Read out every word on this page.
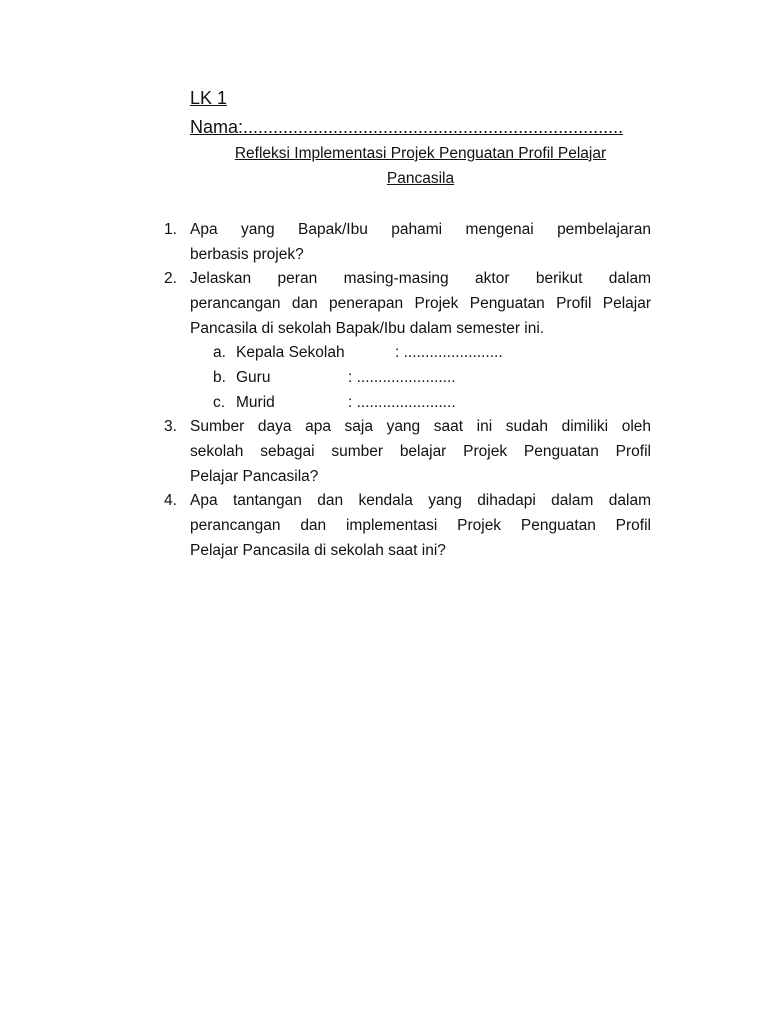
LK 1
Nama:............................................................................
Refleksi Implementasi Projek Penguatan Profil Pelajar
Pancasila
1. Apa yang Bapak/Ibu pahami mengenai pembelajaran
berbasis projek?
2. Jelaskan peran masing-masing aktor berikut dalam
perancangan dan penerapan Projek Penguatan Profil Pelajar
Pancasila di sekolah Bapak/Ibu dalam semester ini.
a. Kepala Sekolah	: .......................
b. Guru	: .......................
c. Murid	: .......................
3. Sumber daya apa saja yang saat ini sudah dimiliki oleh
sekolah sebagai sumber belajar Projek Penguatan Profil
Pelajar Pancasila?
4. Apa tantangan dan kendala yang dihadapi dalam dalam
perancangan dan implementasi Projek Penguatan Profil
Pelajar Pancasila di sekolah saat ini?
